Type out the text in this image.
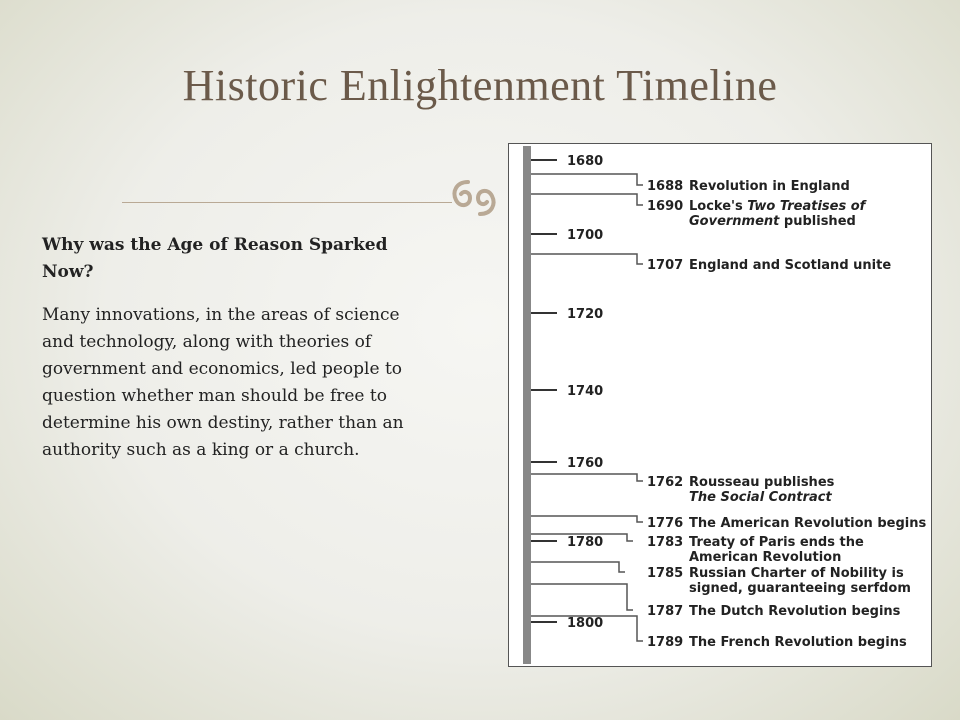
Historic Enlightenment Timeline

Why was the Age of Reason Sparked Now?

Many innovations, in the areas of science and technology, along with theories of government and economics, led people to question whether man should be free to determine his own destiny, rather than an authority such as a king or a church.

1680
1700
1720
1740
1760
1780
1800
1688 Revolution in England
1690 Locke's Two Treatises of
Government published
1707 England and Scotland unite
1762 Rousseau publishes
The Social Contract
1776 The American Revolution begins
1783 Treaty of Paris ends the
American Revolution
1785 Russian Charter of Nobility is
signed, guaranteeing serfdom
1787 The Dutch Revolution begins
1789 The French Revolution begins
